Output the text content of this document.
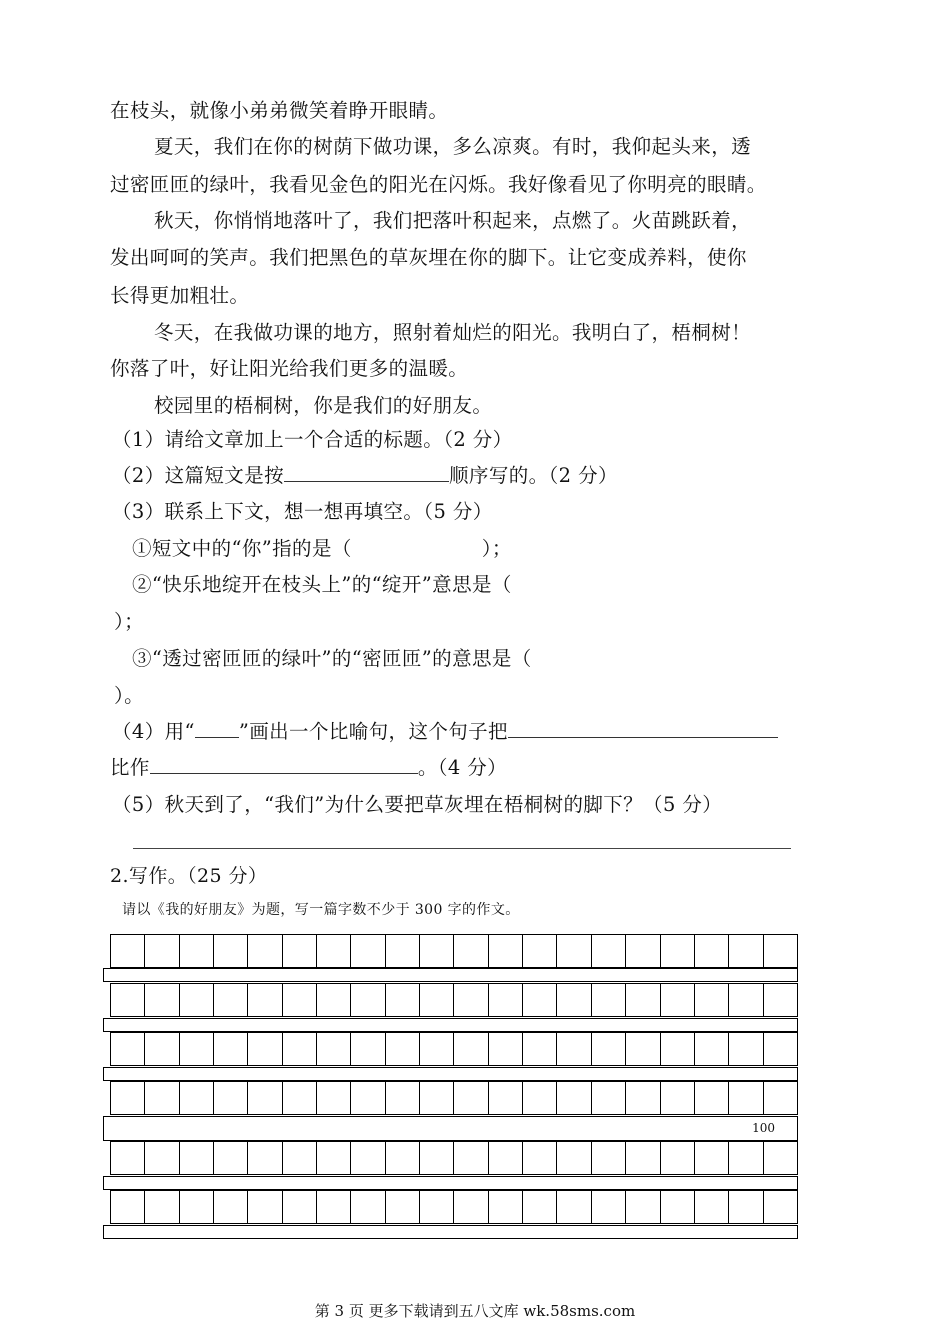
在枝头，就像小弟弟微笑着睁开眼睛。
夏天，我们在你的树荫下做功课，多么凉爽。有时，我仰起头来，透
过密匝匝的绿叶，我看见金色的阳光在闪烁。我好像看见了你明亮的眼睛。
秋天，你悄悄地落叶了，我们把落叶积起来，点燃了。火苗跳跃着，
发出呵呵的笑声。我们把黑色的草灰埋在你的脚下。让它变成养料，使你
长得更加粗壮。
冬天，在我做功课的地方，照射着灿烂的阳光。我明白了，梧桐树！
你落了叶，好让阳光给我们更多的温暖。
校园里的梧桐树，你是我们的好朋友。
（1）请给文章加上一个合适的标题。（2 分）
（2）这篇短文是按	顺序写的。（2 分）
（3）联系上下文，想一想再填空。（5 分）
①短文中的“你”指的是（	）；
②“快乐地绽开在枝头上”的“绽开”意思是（
）；
③“透过密匝匝的绿叶”的“密匝匝”的意思是（
）。
（4）用“ ”画出一个比喻句，这个句子把
比作	。（4 分）
（5）秋天到了，“我们”为什么要把草灰埋在梧桐树的脚下？（5 分）
2.写作。（25 分）
请以《我的好朋友》为题，写一篇字数不少于 300 字的作文。
100
第 3 页 更多下载请到五八文库 wk.58sms.com
